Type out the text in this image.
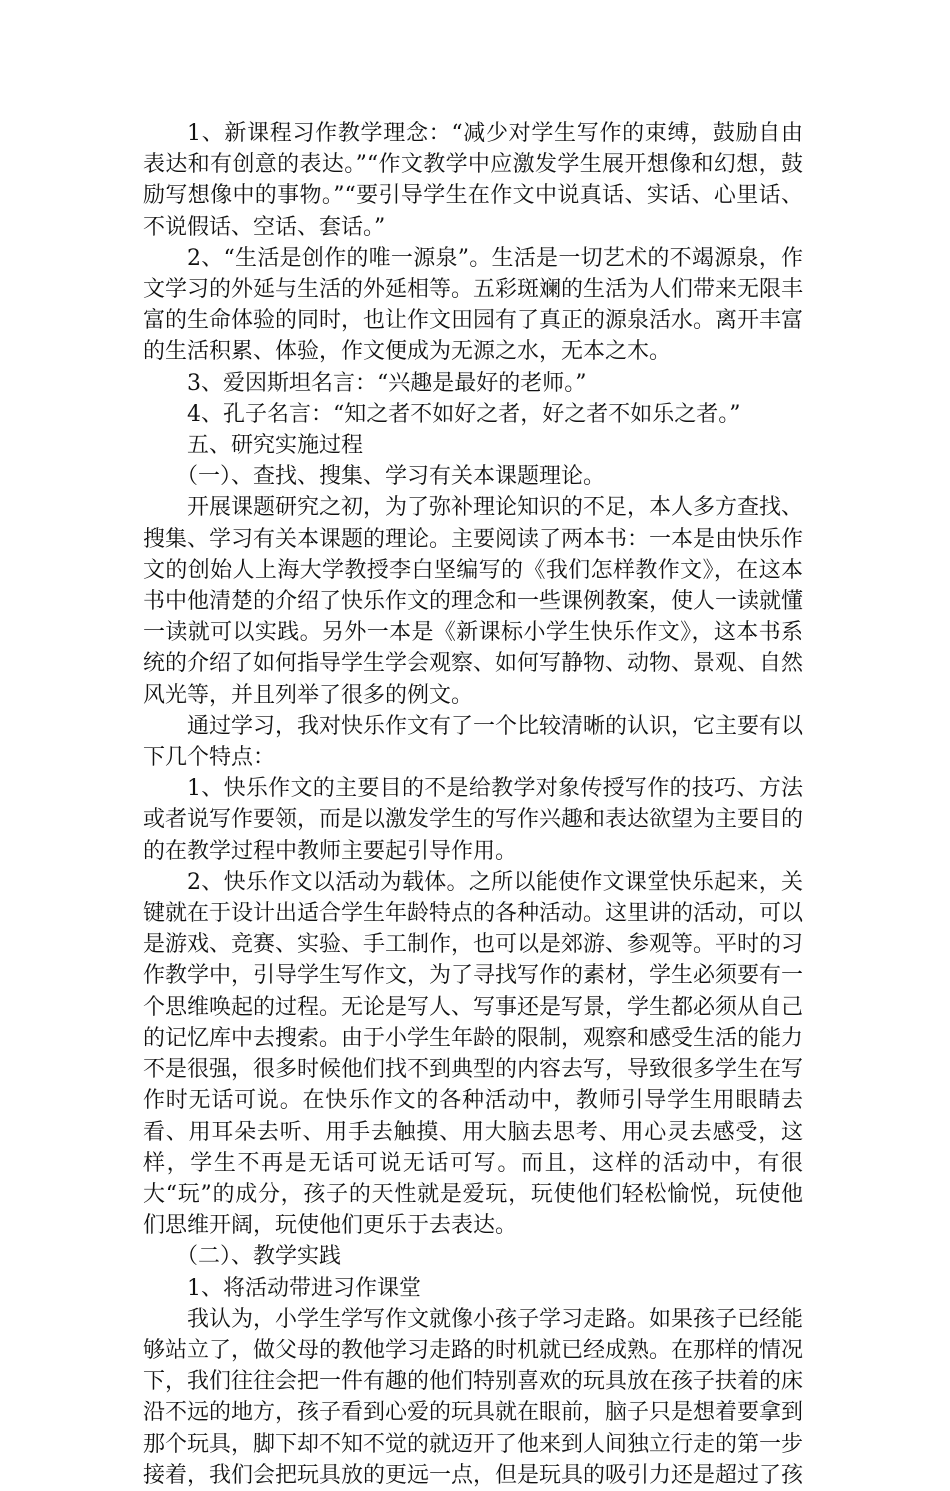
1、新课程习作教学理念：“减少对学生写作的束缚，鼓励自由表达和有创意的表达。”“作文教学中应激发学生展开想像和幻想，鼓励写想像中的事物。”“要引导学生在作文中说真话、实话、心里话、不说假话、空话、套话。”

2、“生活是创作的唯一源泉”。生活是一切艺术的不竭源泉，作文学习的外延与生活的外延相等。五彩斑斓的生活为人们带来无限丰富的生命体验的同时，也让作文田园有了真正的源泉活水。离开丰富的生活积累、体验，作文便成为无源之水，无本之木。

3、爱因斯坦名言：“兴趣是最好的老师。”

4、孔子名言：“知之者不如好之者，好之者不如乐之者。”

五、研究实施过程

（一）、查找、搜集、学习有关本课题理论。

开展课题研究之初，为了弥补理论知识的不足，本人多方查找、搜集、学习有关本课题的理论。主要阅读了两本书：一本是由快乐作文的创始人上海大学教授李白坚编写的《我们怎样教作文》，在这本书中他清楚的介绍了快乐作文的理念和一些课例教案，使人一读就懂一读就可以实践。另外一本是《新课标小学生快乐作文》，这本书系统的介绍了如何指导学生学会观察、如何写静物、动物、景观、自然风光等，并且列举了很多的例文。

通过学习，我对快乐作文有了一个比较清晰的认识，它主要有以下几个特点：

1、快乐作文的主要目的不是给教学对象传授写作的技巧、方法或者说写作要领，而是以激发学生的写作兴趣和表达欲望为主要目的的在教学过程中教师主要起引导作用。

2、快乐作文以活动为载体。之所以能使作文课堂快乐起来，关键就在于设计出适合学生年龄特点的各种活动。这里讲的活动，可以是游戏、竞赛、实验、手工制作，也可以是郊游、参观等。平时的习作教学中，引导学生写作文，为了寻找写作的素材，学生必须要有一个思维唤起的过程。无论是写人、写事还是写景，学生都必须从自己的记忆库中去搜索。由于小学生年龄的限制，观察和感受生活的能力不是很强，很多时候他们找不到典型的内容去写，导致很多学生在写作时无话可说。在快乐作文的各种活动中，教师引导学生用眼睛去看、用耳朵去听、用手去触摸、用大脑去思考、用心灵去感受，这样，学生不再是无话可说无话可写。而且，这样的活动中，有很大“玩”的成分，孩子的天性就是爱玩，玩使他们轻松愉悦，玩使他们思维开阔，玩使他们更乐于去表达。

（二）、教学实践

1、将活动带进习作课堂

我认为，小学生学写作文就像小孩子学习走路。如果孩子已经能够站立了，做父母的教他学习走路的时机就已经成熟。在那样的情况下，我们往往会把一件有趣的他们特别喜欢的玩具放在孩子扶着的床沿不远的地方，孩子看到心爱的玩具就在眼前，脑子只是想着要拿到那个玩具，脚下却不知不觉的就迈开了他来到人间独立行走的第一步接着，我们会把玩具放的更远一点，但是玩具的吸引力还是超过了孩
